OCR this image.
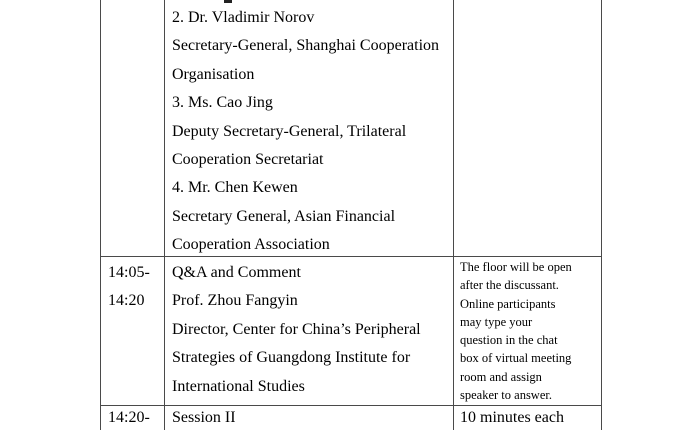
2. Dr. Vladimir Norov
Secretary-General, Shanghai Cooperation
Organisation
3. Ms. Cao Jing
Deputy Secretary-General, Trilateral
Cooperation Secretariat
4. Mr. Chen Kewen
Secretary General, Asian Financial
Cooperation Association
14:05-
14:20
Q&A and Comment
Prof. Zhou Fangyin
Director, Center for China’s Peripheral
Strategies of Guangdong Institute for
International Studies
The floor will be open
after the discussant.
Online participants
may type your
question in the chat
box of virtual meeting
room and assign
speaker to answer.
14:20- Session II	10 minutes each
